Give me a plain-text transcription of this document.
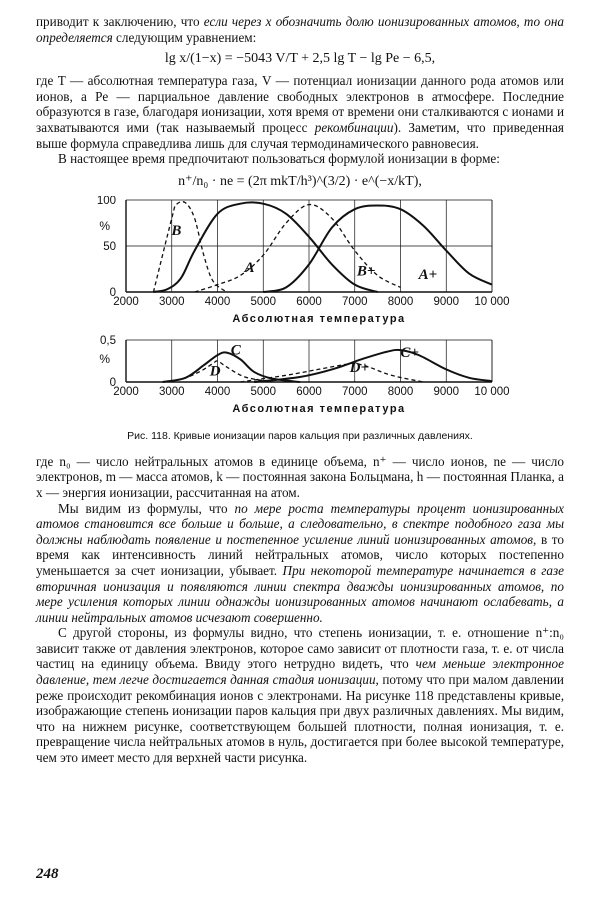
приводит к заключению, что если через x обозначить долю ионизированных атомов, то она определяется следующим уравнением:

lg x/(1−x) = −5043 V/T + 2,5 lg T − lg Pe − 6,5,

где T — абсолютная температура газа, V — потенциал ионизации данного рода атомов или ионов, а Pe — парциальное давление свободных электронов в атмосфере. Последние образуются в газе, благодаря ионизации, хотя время от времени они сталкиваются с ионами и захватываются ими (так называемый процесс рекомбинации). Заметим, что приведенная выше формула справедлива лишь для случая термодинамического равновесия.

В настоящее время предпочитают пользоваться формулой ионизации в форме:

n⁺/n₀ · ne = (2π mkT/h³)^(3/2) · e^(−x/kT),
2000 3000 4000 5000 6000 7000 8000 9000 10 000
0
50
100
%	B
A	B+	A+
Абсолютная температура
2000 3000 4000 5000 6000 7000 8000 9000 10 000
0
0,5
%
D
C
D+
C+
Абсолютная температура
Рис. 118. Кривые ионизации паров кальция при различных давлениях.

где n₀ — число нейтральных атомов в единице объема, n⁺ — число ионов, ne — число электронов, m — масса атомов, k — постоянная закона Больцмана, h — постоянная Планка, а x — энергия ионизации, рассчитанная на атом.

Мы видим из формулы, что по мере роста температуры процент ионизированных атомов становится все больше и больше, а следовательно, в спектре подобного газа мы должны наблюдать появление и постепенное усиление линий ионизированных атомов, в то время как интенсивность линий нейтральных атомов, число которых постепенно уменьшается за счет ионизации, убывает. При некоторой температуре начинается в газе вторичная ионизация и появляются линии спектра дважды ионизированных атомов, по мере усиления которых линии однажды ионизированных атомов начинают ослабевать, а линии нейтральных атомов исчезают совершенно.

С другой стороны, из формулы видно, что степень ионизации, т. е. отношение n⁺:n₀ зависит также от давления электронов, которое само зависит от плотности газа, т. е. от числа частиц на единицу объема. Ввиду этого нетрудно видеть, что чем меньше электронное давление, тем легче достигается данная стадия ионизации, потому что при малом давлении реже происходит рекомбинация ионов с электронами. На рисунке 118 представлены кривые, изображающие степень ионизации паров кальция при двух различных давлениях. Мы видим, что на нижнем рисунке, соответствующем большей плотности, полная ионизация, т. е. превращение числа нейтральных атомов в нуль, достигается при более высокой температуре, чем это имеет место для верхней части рисунка.

248
